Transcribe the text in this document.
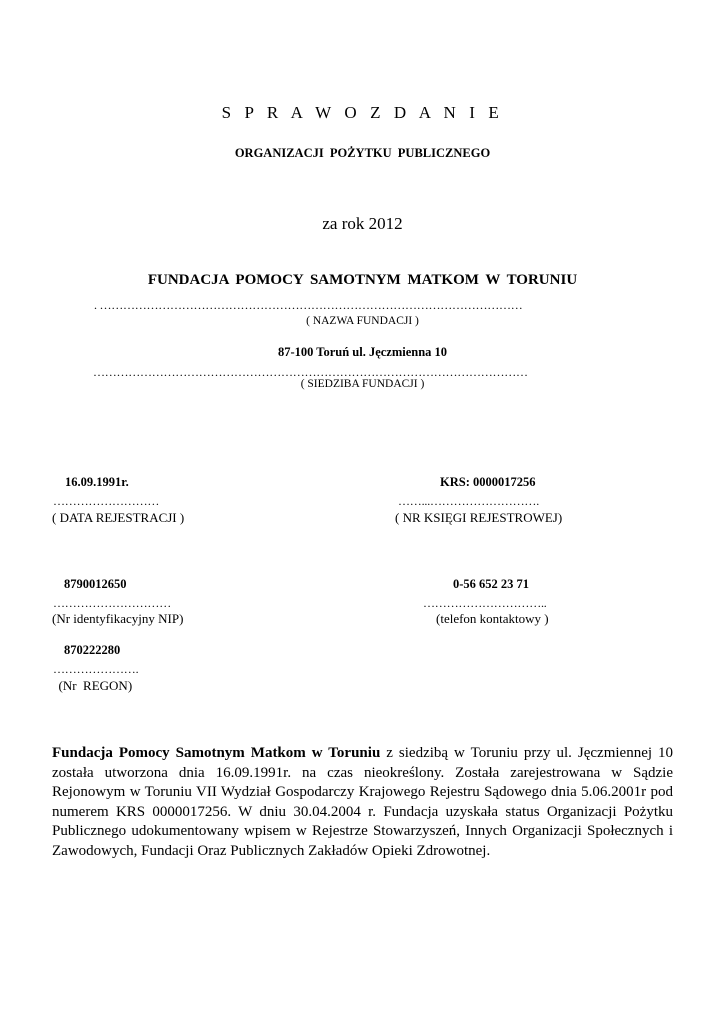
S P R A W O Z D A N I E
ORGANIZACJI POŻYTKU PUBLICZNEGO
za rok 2012
FUNDACJA POMOCY SAMOTNYM MATKOM W TORUNIU
. ………………………………………………………………………………………………
( NAZWA FUNDACJI )
87-100 Toruń ul. Jęczmienna 10
…………………………………………………………………………………………………
( SIEDZIBA FUNDACJI )
16.09.1991r.
………………………
( DATA REJESTRACJI )
KRS: 0000017256
……...……………………….
( NR KSIĘGI REJESTROWEJ)
8790012650
…………………………
(Nr identyfikacyjny NIP)
0-56 652 23 71
…………………………..
(telefon kontaktowy )
870222280
………………….
(Nr  REGON)
Fundacja Pomocy Samotnym Matkom w Toruniu z siedzibą w Toruniu przy ul. Jęczmiennej 10 została utworzona dnia 16.09.1991r. na czas nieokreślony. Została zarejestrowana w Sądzie Rejonowym w Toruniu VII Wydział Gospodarczy Krajowego Rejestru Sądowego dnia 5.06.2001r pod numerem KRS 0000017256. W dniu 30.04.2004 r. Fundacja uzyskała status Organizacji Pożytku Publicznego udokumentowany wpisem w Rejestrze Stowarzyszeń, Innych Organizacji Społecznych i Zawodowych, Fundacji Oraz Publicznych Zakładów Opieki Zdrowotnej.
